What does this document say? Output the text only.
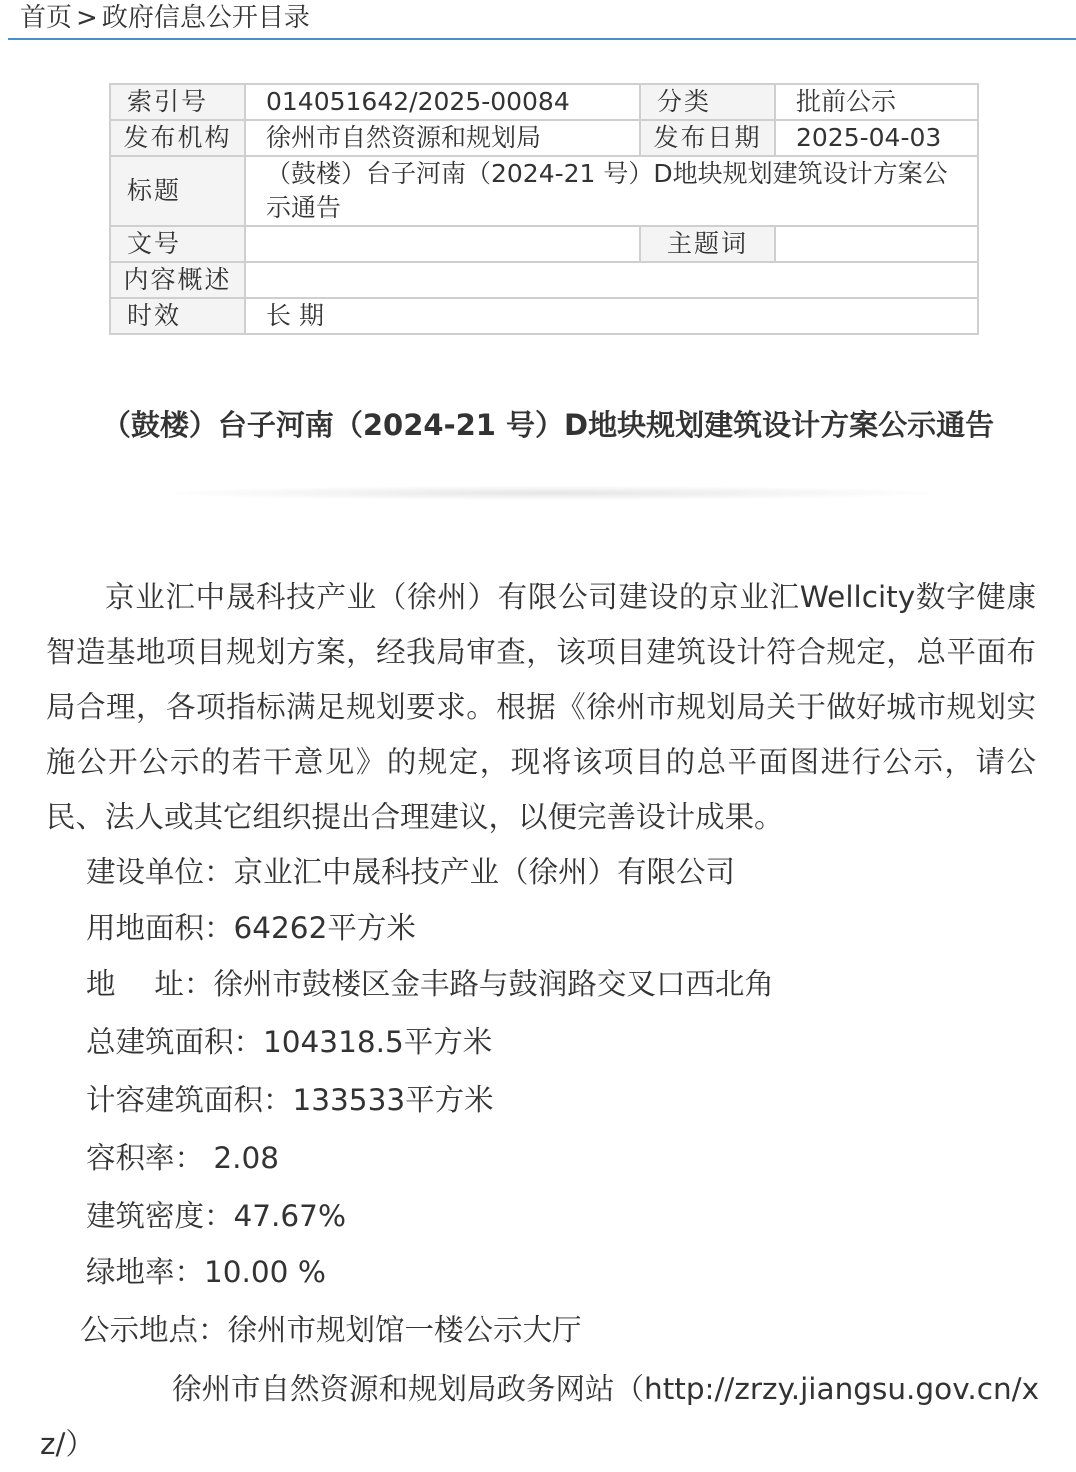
首页 > 政府信息公开目录
索引号	014051642/2025-00084	分类	批前公示
发布机构	徐州市自然资源和规划局	发布日期	2025-04-03

标题	（鼓楼）台子河南（2024-21 号）D地块规划建筑设计方案公示通告		

文号		主题词	
内容概述			

时效	长 期		
（鼓楼）台子河南（2024-21 号）D地块规划建筑设计方案公示通告

京业汇中晟科技产业（徐州）有限公司建设的京业汇Wellcity数字健康智造基地项目规划方案，经我局审查，该项目建筑设计符合规定，总平面布局合理，各项指标满足规划要求。根据《徐州市规划局关于做好城市规划实施公开公示的若干意见》的规定，现将该项目的总平面图进行公示，请公民、法人或其它组织提出合理建议，以便完善设计成果。

建设单位：京业汇中晟科技产业（徐州）有限公司
用地面积：64262平方米
地　 址：徐州市鼓楼区金丰路与鼓润路交叉口西北角
总建筑面积：104318.5平方米
计容建筑面积：133533平方米
容积率： 2.08
建筑密度：47.67%
绿地率：10.00 %
公示地点：徐州市规划馆一楼公示大厅
徐州市自然资源和规划局政务网站（http://zrzy.jiangsu.gov.cn/xz/）
